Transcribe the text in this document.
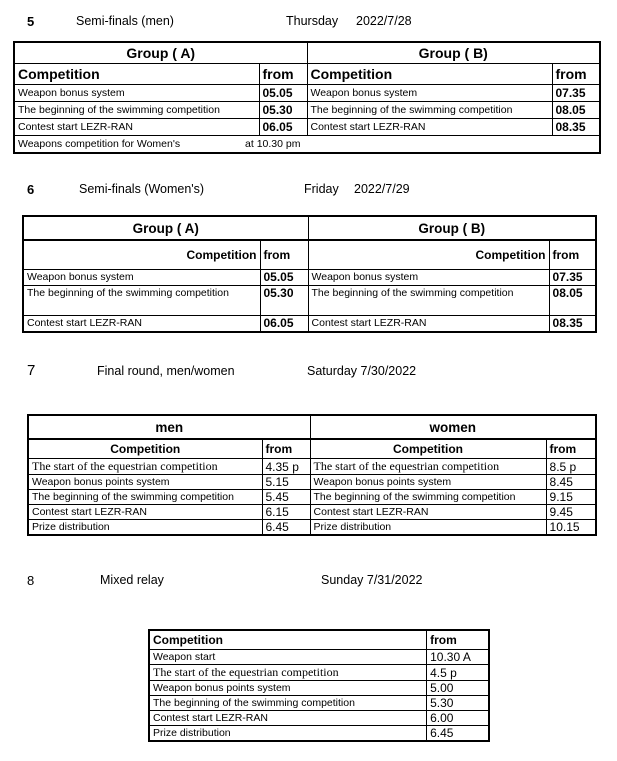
5	Semi-finals (men)	Thursday 2022/7/28
Group ( A)		Group ( B)	
Competition	from	Competition	from
Weapon bonus system	05.05	Weapon bonus system	07.35
The beginning of the swimming competition	05.30	The beginning of the swimming competition	08.05
Contest start LEZR-RAN	06.05	Contest start LEZR-RAN	08.35
Weapons competition for Women's at 10.30 pm			
6	Semi-finals (Women's)	Friday 2022/7/29
Group ( A)		Group ( B)	
Competition	from	Competition	from
Weapon bonus system	05.05	Weapon bonus system	07.35
The beginning of the swimming competition	05.30	The beginning of the swimming competition	08.05
Contest start LEZR-RAN	06.05	Contest start LEZR-RAN	08.35
7	Final round, men/women	Saturday 7/30/2022
men		women	
Competition	from	Competition	from
The start of the equestrian competition	4.35 p	The start of the equestrian competition	8.5 p
Weapon bonus points system	5.15	Weapon bonus points system	8.45
The beginning of the swimming competition	5.45	The beginning of the swimming competition	9.15
Contest start LEZR-RAN	6.15	Contest start LEZR-RAN	9.45
Prize distribution	6.45	Prize distribution	10.15
8	Mixed relay	Sunday 7/31/2022
Competition	from
Weapon start	10.30 A
The start of the equestrian competition	4.5 p
Weapon bonus points system	5.00
The beginning of the swimming competition	5.30
Contest start LEZR-RAN	6.00
Prize distribution	6.45
